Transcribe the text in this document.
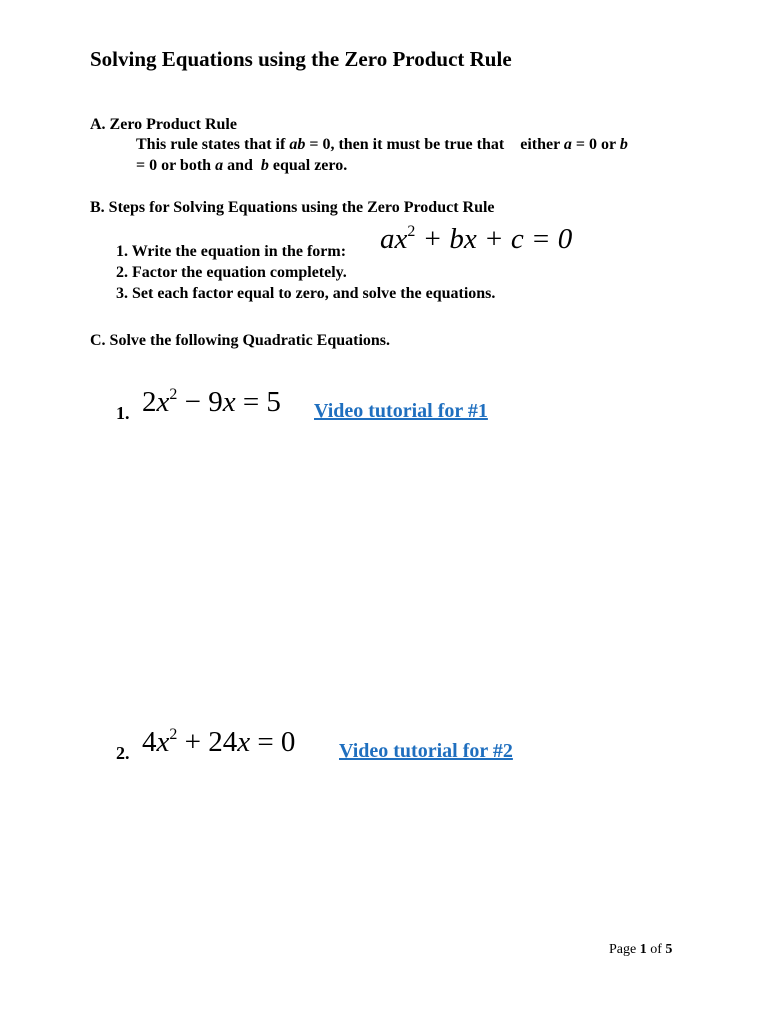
Solving Equations using the Zero Product Rule
A. Zero Product Rule
This rule states that if ab = 0, then it must be true that    either a = 0 or b
= 0 or both a and  b equal zero.
B. Steps for Solving Equations using the Zero Product Rule
1. Write the equation in the form: $ax^2$ + bx + c = 0
2. Factor the equation completely.
3. Set each factor equal to zero, and solve the equations.
C. Solve the following Quadratic Equations.
1. $2x^2 - 9x = 5$ Video tutorial for #1
2. $4x^2 + 24x = 0$ Video tutorial for #2
Page 1 of 5
